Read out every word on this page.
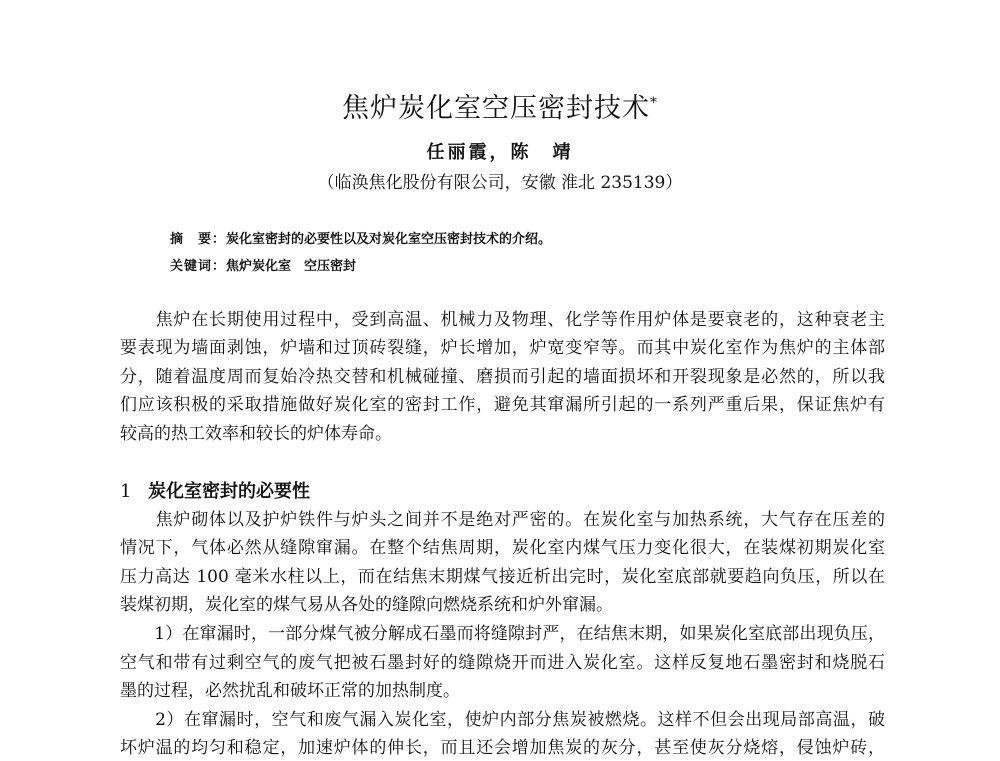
焦炉炭化室空压密封技术*
任丽霞，陈　靖
（临涣焦化股份有限公司，安徽 淮北 235139）
摘　要：炭化室密封的必要性以及对炭化室空压密封技术的介绍。
关键词：焦炉炭化室　空压密封
　　焦炉在长期使用过程中，受到高温、机械力及物理、化学等作用炉体是要衰老的，这种衰老主
要表现为墙面剥蚀，炉墙和过顶砖裂缝，炉长增加，炉宽变窄等。而其中炭化室作为焦炉的主体部
分，随着温度周而复始冷热交替和机械碰撞、磨损而引起的墙面损坏和开裂现象是必然的，所以我
们应该积极的采取措施做好炭化室的密封工作，避免其窜漏所引起的一系列严重后果，保证焦炉有
较高的热工效率和较长的炉体寿命。
1 炭化室密封的必要性
　　焦炉砌体以及护炉铁件与炉头之间并不是绝对严密的。在炭化室与加热系统，大气存在压差的
情况下，气体必然从缝隙窜漏。在整个结焦周期，炭化室内煤气压力变化很大，在装煤初期炭化室
压力高达 100 毫米水柱以上，而在结焦末期煤气接近析出完时，炭化室底部就要趋向负压，所以在
装煤初期，炭化室的煤气易从各处的缝隙向燃烧系统和炉外窜漏。
　　1）在窜漏时，一部分煤气被分解成石墨而将缝隙封严，在结焦末期，如果炭化室底部出现负压，
空气和带有过剩空气的废气把被石墨封好的缝隙烧开而进入炭化室。这样反复地石墨密封和烧脱石
墨的过程，必然扰乱和破坏正常的加热制度。
　　2）在窜漏时，空气和废气漏入炭化室，使炉内部分焦炭被燃烧。这样不但会出现局部高温，破
坏炉温的均匀和稳定，加速炉体的伸长，而且还会增加焦炭的灰分，甚至使灰分烧熔，侵蚀炉砖，
